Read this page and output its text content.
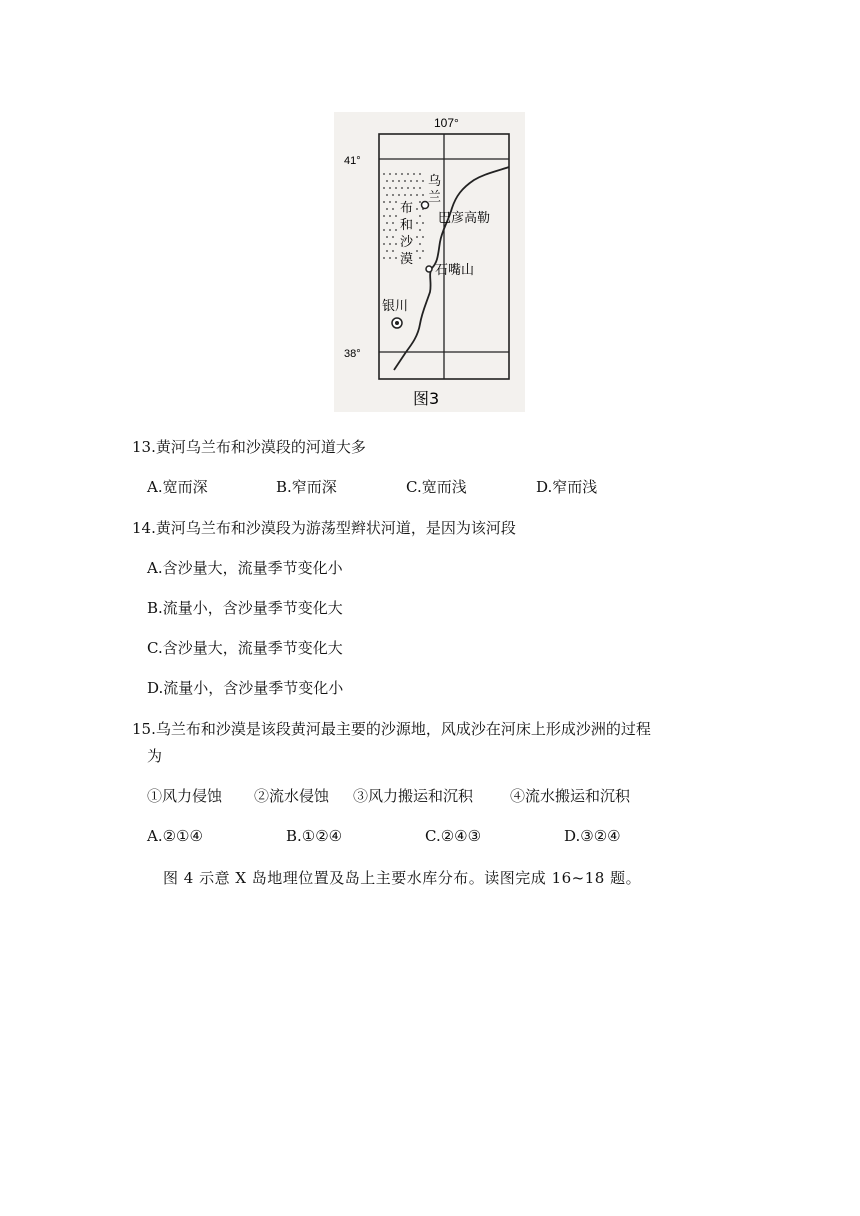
107°
41°
38°
乌
兰
布
和
沙
漠
巴彦高勒
石嘴山
银川
图3
13.黄河乌兰布和沙漠段的河道大多
A.宽而深	B.窄而深	C.宽而浅	D.窄而浅
14.黄河乌兰布和沙漠段为游荡型辫状河道，是因为该河段
A.含沙量大，流量季节变化小
B.流量小，含沙量季节变化大
C.含沙量大，流量季节变化大
D.流量小，含沙量季节变化小
15.乌兰布和沙漠是该段黄河最主要的沙源地，风成沙在河床上形成沙洲的过程
为
①风力侵蚀 ②流水侵蚀 ③风力搬运和沉积 ④流水搬运和沉积
A.②①④	B.①②④	C.②④③	D.③②④
图 4 示意 X 岛地理位置及岛上主要水库分布。读图完成 16~18 题。
